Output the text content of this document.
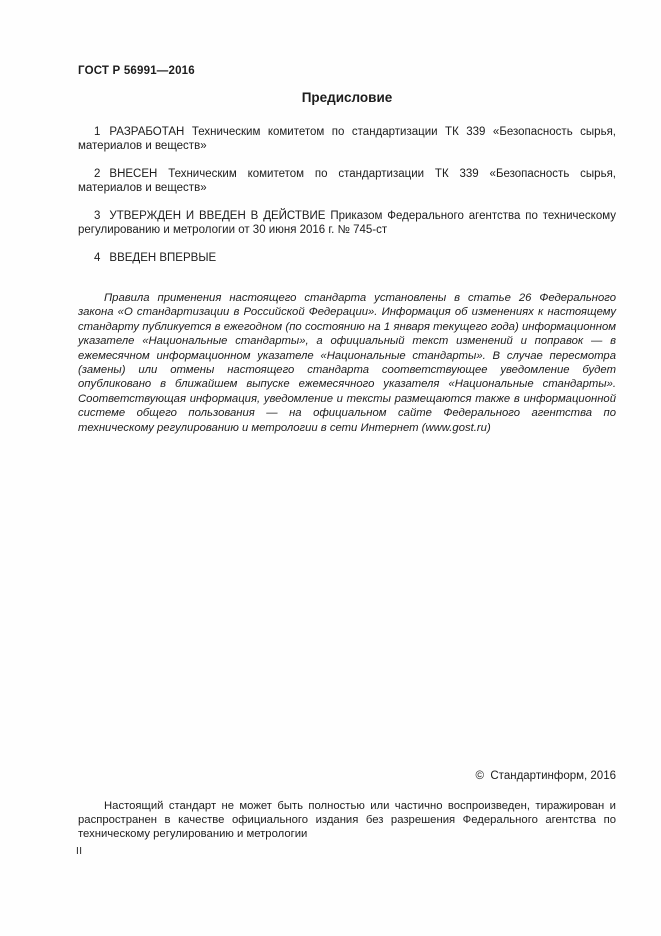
ГОСТ Р 56991—2016
Предисловие

1 РАЗРАБОТАН Техническим комитетом по стандартизации ТК 339 «Безопасность сырья, материалов и веществ»

2 ВНЕСЕН Техническим комитетом по стандартизации ТК 339 «Безопасность сырья, материалов и веществ»

3 УТВЕРЖДЕН И ВВЕДЕН В ДЕЙСТВИЕ Приказом Федерального агентства по техническому регулированию и метрологии от 30 июня 2016 г. № 745-ст

4 ВВЕДЕН ВПЕРВЫЕ

Правила применения настоящего стандарта установлены в статье 26 Федерального закона «О стандартизации в Российской Федерации». Информация об изменениях к настоящему стандарту публикуется в ежегодном (по состоянию на 1 января текущего года) информационном указателе «Национальные стандарты», а официальный текст изменений и поправок — в ежемесячном информационном указателе «Национальные стандарты». В случае пересмотра (замены) или отмены настоящего стандарта соответствующее уведомление будет опубликовано в ближайшем выпуске ежемесячного указателя «Национальные стандарты». Соответствующая информация, уведомление и тексты размещаются также в информационной системе общего пользования — на официальном сайте Федерального агентства по техническому регулированию и метрологии в сети Интернет (www.gost.ru)

©  Стандартинформ, 2016

Настоящий стандарт не может быть полностью или частично воспроизведен, тиражирован и распространен в качестве официального издания без разрешения Федерального агентства по техническому регулированию и метрологии

II
